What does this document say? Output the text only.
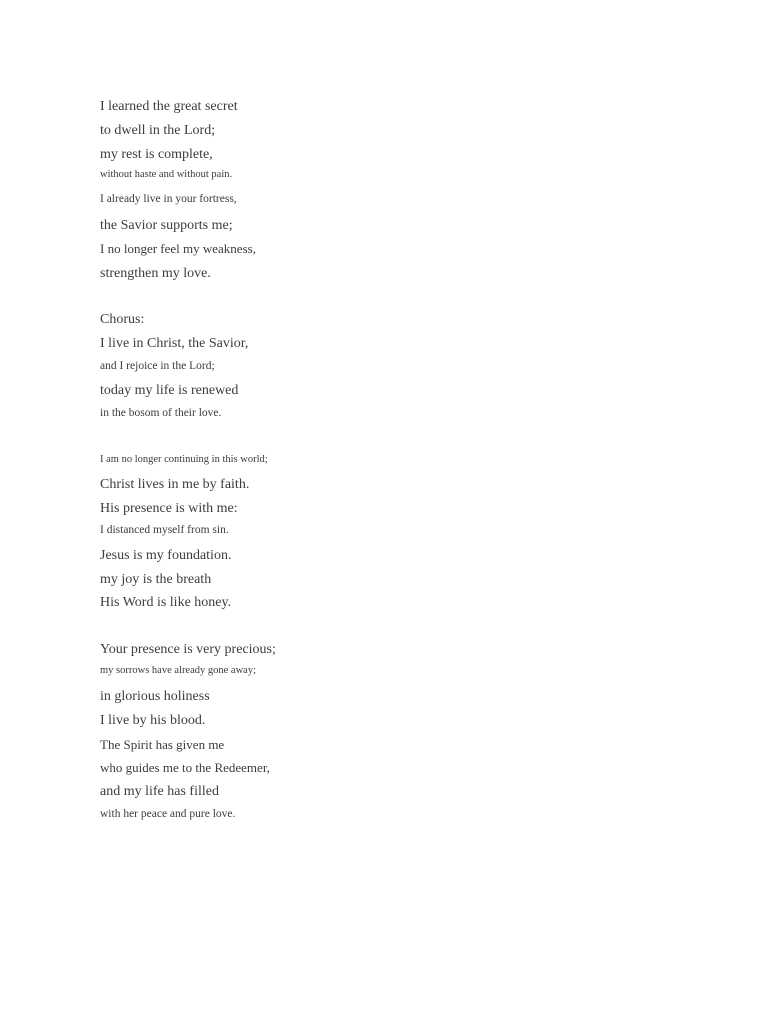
I learned the great secret

to dwell in the Lord;

my rest is complete,

without haste and without pain.

I already live in your fortress,

the Savior supports me;

I no longer feel my weakness,

strengthen my love.

Chorus:

I live in Christ, the Savior,

and I rejoice in the Lord;

today my life is renewed

in the bosom of their love.

I am no longer continuing in this world;

Christ lives in me by faith.

His presence is with me:

I distanced myself from sin.

Jesus is my foundation.

my joy is the breath

His Word is like honey.

Your presence is very precious;

my sorrows have already gone away;

in glorious holiness

I live by his blood.

The Spirit has given me

who guides me to the Redeemer,

and my life has filled

with her peace and pure love.
